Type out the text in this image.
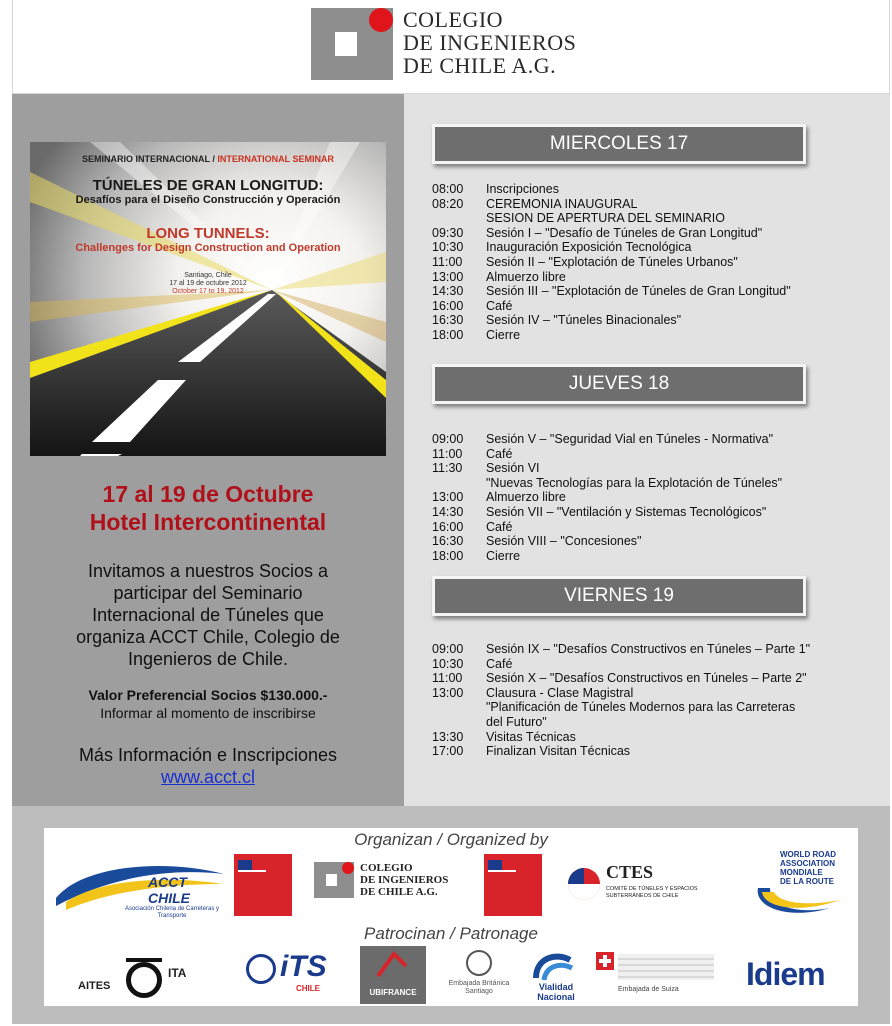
COLEGIO
DE INGENIEROS
DE CHILE A.G.
SEMINARIO INTERNACIONAL / INTERNATIONAL SEMINAR
TÚNELES DE GRAN LONGITUD:
Desafíos para el Diseño Construcción y Operación
LONG TUNNELS:
Challenges for Design Construction and Operation
Santiago, Chile
17 al 19 de octubre 2012
October 17 to 19, 2012
17 al 19 de Octubre
Hotel Intercontinental
Invitamos a nuestros Socios a
participar del Seminario
Internacional de Túneles que
organiza ACCT Chile, Colegio de
Ingenieros de Chile.
Valor Preferencial Socios $130.000.-
Informar al momento de inscribirse
Más Información e Inscripciones
www.acct.cl
MIERCOLES 17
08:00	Inscripciones
08:20	CEREMONIA INAUGURAL
SESION DE APERTURA DEL SEMINARIO
09:30	Sesión I – "Desafío de Túneles de Gran Longitud"
10:30	Inauguración Exposición Tecnológica
11:00	Sesión II – "Explotación de Túneles Urbanos"
13:00	Almuerzo libre
14:30	Sesión III – "Explotación de Túneles de Gran Longitud"
16:00	Café
16:30	Sesión IV – "Túneles Binacionales"
18:00	Cierre
JUEVES 18
09:00	Sesión V – "Seguridad Vial en Túneles - Normativa"
11:00	Café
11:30	Sesión VI
"Nuevas Tecnologías para la Explotación de Túneles"
13:00	Almuerzo libre
14:30	Sesión VII – "Ventilación y Sistemas Tecnológicos"
16:00	Café
16:30	Sesión VIII – "Concesiones"
18:00	Cierre
VIERNES 19
09:00	Sesión IX – "Desafíos Constructivos en Túneles – Parte 1"
10:30	Café
11:00	Sesión X – "Desafíos Constructivos en Túneles – Parte 2"
13:00	Clausura - Clase Magistral
"Planificación de Túneles Modernos para las Carreteras
del Futuro"
13:30	Visitas Técnicas
17:00	Finalizan Visitan Técnicas
Organizan / Organized by
ACCT CHILE
Asociación Chilena de Carreteras y Transporte
COLEGIO
DE INGENIEROS
DE CHILE A.G.
CTES
COMITÉ DE TÚNELES Y ESPACIOS
SUBTERRÁNEOS DE CHILE
WORLD ROAD
ASSOCIATION
MONDIALE
DE LA ROUTE
Patrocinan / Patronage
AITES
ITA	iTS
CHILE	UBIFRANCE
Embajada Británica
Santiago	Vialidad
Nacional
Embajada de Suiza Idiem
